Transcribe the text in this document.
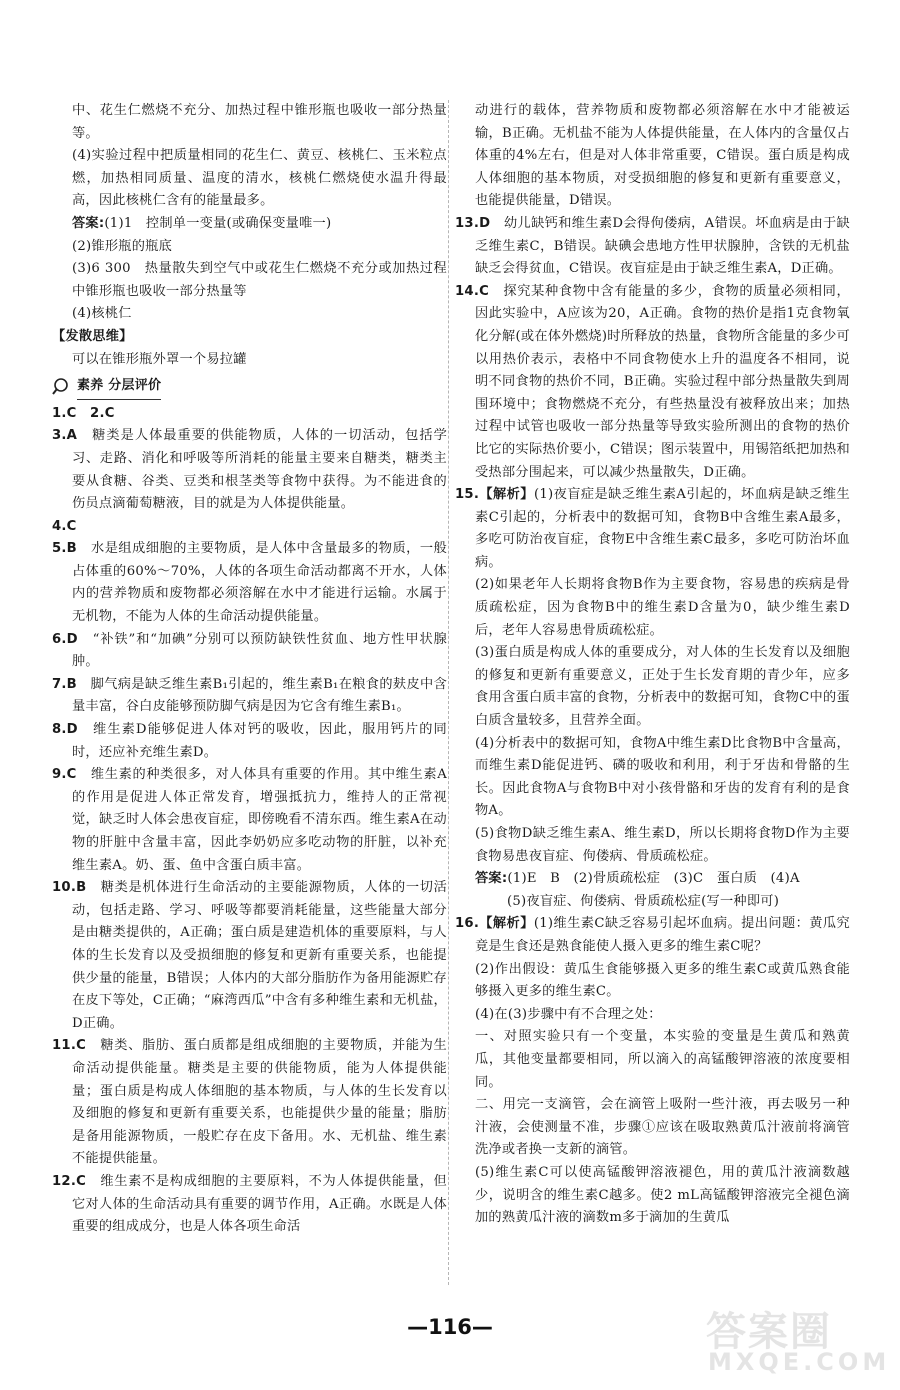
中、花生仁燃烧不充分、加热过程中锥形瓶也吸收一部分热量等。

(4)实验过程中把质量相同的花生仁、黄豆、核桃仁、玉米粒点燃，加热相同质量、温度的清水，核桃仁燃烧使水温升得最高，因此核桃仁含有的能量最多。

答案:(1)1　控制单一变量(或确保变量唯一)

(2)锥形瓶的瓶底

(3)6 300　热量散失到空气中或花生仁燃烧不充分或加热过程中锥形瓶也吸收一部分热量等

(4)核桃仁

【发散思维】

可以在锥形瓶外罩一个易拉罐

素养 分层评价

1.C　2.C

3.A　 糖类是人体最重要的供能物质，人体的一切活动，包括学习、走路、消化和呼吸等所消耗的能量主要来自糖类，糖类主要从食糖、谷类、豆类和根茎类等食物中获得。为不能进食的伤员点滴葡萄糖液，目的就是为人体提供能量。

4.C

5.B　 水是组成细胞的主要物质，是人体中含量最多的物质，一般占体重的60%～70%，人体的各项生命活动都离不开水，人体内的营养物质和废物都必须溶解在水中才能进行运输。水属于无机物，不能为人体的生命活动提供能量。

6.D　 “补铁”和“加碘”分别可以预防缺铁性贫血、地方性甲状腺肿。

7.B　 脚气病是缺乏维生素B₁引起的，维生素B₁在粮食的麸皮中含量丰富，谷白皮能够预防脚气病是因为它含有维生素B₁。

8.D　 维生素D能够促进人体对钙的吸收，因此，服用钙片的同时，还应补充维生素D。

9.C　 维生素的种类很多，对人体具有重要的作用。其中维生素A的作用是促进人体正常发育，增强抵抗力，维持人的正常视觉，缺乏时人体会患夜盲症，即傍晚看不清东西。维生素A在动物的肝脏中含量丰富，因此李奶奶应多吃动物的肝脏，以补充维生素A。奶、蛋、鱼中含蛋白质丰富。

10.B　 糖类是机体进行生命活动的主要能源物质，人体的一切活动，包括走路、学习、呼吸等都要消耗能量，这些能量大部分是由糖类提供的，A正确；蛋白质是建造机体的重要原料，与人体的生长发育以及受损细胞的修复和更新有重要关系，也能提供少量的能量，B错误；人体内的大部分脂肪作为备用能源贮存在皮下等处，C正确；“麻湾西瓜”中含有多种维生素和无机盐，D正确。

11.C　 糖类、脂肪、蛋白质都是组成细胞的主要物质，并能为生命活动提供能量。糖类是主要的供能物质，能为人体提供能量；蛋白质是构成人体细胞的基本物质，与人体的生长发育以及细胞的修复和更新有重要关系，也能提供少量的能量；脂肪是备用能源物质，一般贮存在皮下备用。水、无机盐、维生素不能提供能量。

12.C　 维生素不是构成细胞的主要原料，不为人体提供能量，但它对人体的生命活动具有重要的调节作用，A正确。水既是人体重要的组成成分，也是人体各项生命活

动进行的载体，营养物质和废物都必须溶解在水中才能被运输，B正确。无机盐不能为人体提供能量，在人体内的含量仅占体重的4%左右，但是对人体非常重要，C错误。蛋白质是构成人体细胞的基本物质，对受损细胞的修复和更新有重要意义，也能提供能量，D错误。

13.D　 幼儿缺钙和维生素D会得佝偻病，A错误。坏血病是由于缺乏维生素C，B错误。缺碘会患地方性甲状腺肿，含铁的无机盐缺乏会得贫血，C错误。夜盲症是由于缺乏维生素A，D正确。

14.C　 探究某种食物中含有能量的多少，食物的质量必须相同，因此实验中，A应该为20，A正确。食物的热价是指1克食物氧化分解(或在体外燃烧)时所释放的热量，食物所含能量的多少可以用热价表示，表格中不同食物使水上升的温度各不相同，说明不同食物的热价不同，B正确。实验过程中部分热量散失到周围环境中；食物燃烧不充分，有些热量没有被释放出来；加热过程中试管也吸收一部分热量等导致实验所测出的食物的热价比它的实际热价要小，C错误；图示装置中，用锡箔纸把加热和受热部分围起来，可以减少热量散失，D正确。

15.【解析】(1)夜盲症是缺乏维生素A引起的，坏血病是缺乏维生素C引起的，分析表中的数据可知，食物B中含维生素A最多，多吃可防治夜盲症，食物E中含维生素C最多，多吃可防治坏血病。

(2)如果老年人长期将食物B作为主要食物，容易患的疾病是骨质疏松症，因为食物B中的维生素D含量为0，缺少维生素D后，老年人容易患骨质疏松症。

(3)蛋白质是构成人体的重要成分，对人体的生长发育以及细胞的修复和更新有重要意义，正处于生长发育期的青少年，应多食用含蛋白质丰富的食物，分析表中的数据可知，食物C中的蛋白质含量较多，且营养全面。

(4)分析表中的数据可知，食物A中维生素D比食物B中含量高，而维生素D能促进钙、磷的吸收和利用，利于牙齿和骨骼的生长。因此食物A与食物B中对小孩骨骼和牙齿的发育有利的是食物A。

(5)食物D缺乏维生素A、维生素D，所以长期将食物D作为主要食物易患夜盲症、佝偻病、骨质疏松症。

答案:(1)E　B　(2)骨质疏松症　(3)C　蛋白质　(4)A

(5)夜盲症、佝偻病、骨质疏松症(写一种即可)

16.【解析】(1)维生素C缺乏容易引起坏血病。提出问题：黄瓜究竟是生食还是熟食能使人摄入更多的维生素C呢？

(2)作出假设：黄瓜生食能够摄入更多的维生素C或黄瓜熟食能够摄入更多的维生素C。

(4)在(3)步骤中有不合理之处：

一、对照实验只有一个变量，本实验的变量是生黄瓜和熟黄瓜，其他变量都要相同，所以滴入的高锰酸钾溶液的浓度要相同。

二、用完一支滴管，会在滴管上吸附一些汁液，再去吸另一种汁液，会使测量不准，步骤①应该在吸取熟黄瓜汁液前将滴管洗净或者换一支新的滴管。

(5)维生素C可以使高锰酸钾溶液褪色，用的黄瓜汁液滴数越少，说明含的维生素C越多。使2 mL高锰酸钾溶液完全褪色滴加的熟黄瓜汁液的滴数m多于滴加的生黄瓜

—116—	答案圈
MXQE.COM
